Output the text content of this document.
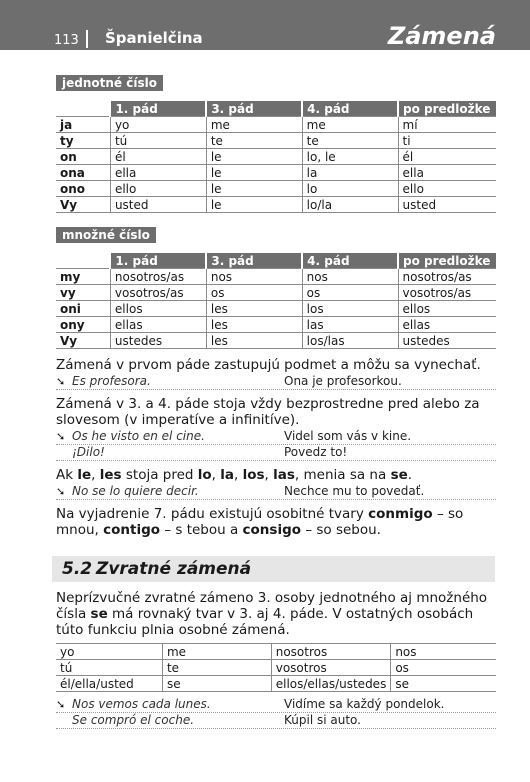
113 Španielčina	Zámená
jednotné číslo
	1. pád	3. pád	4. pád	po predložke
ja	yo	me	me	mí
ty	tú	te	te	ti
on	él	le	lo, le	él
ona	ella	le	la	ella
ono	ello	le	lo	ello
Vy	usted	le	lo/la	usted
množné číslo
	1. pád	3. pád	4. pád	po predložke
my	nosotros/as	nos	nos	nosotros/as
vy	vosotros/as	os	os	vosotros/as
oni	ellos	les	los	ellos
ony	ellas	les	las	ellas
Vy	ustedes	les	los/las	ustedes
Zámená v prvom páde zastupujú podmet a môžu sa vynechať.
➘ Es profesora.	Ona je profesorkou.
Zámená v 3. a 4. páde stoja vždy bezprostredne pred alebo za slovesom (v imperatíve a infinitíve).
➘ Os he visto en el cine.	Videl som vás v kine.
¡Dilo!	Povedz to!
Ak le, les stoja pred lo, la, los, las, menia sa na se.
➘ No se lo quiere decir.	Nechce mu to povedať.
Na vyjadrenie 7. pádu existujú osobitné tvary conmigo – so mnou, contigo – s tebou a consigo – so sebou.
5.2 Zvratné zámená
Neprízvučné zvratné zámeno 3. osoby jednotného aj množného čísla se má rovnaký tvar v 3. aj 4. páde. V ostatných osobách túto funkciu plnia osobné zámená.
yo	me	nosotros	nos
tú	te	vosotros	os
él/ella/usted	se	ellos/ellas/ustedes	se
➘ Nos vemos cada lunes.	Vidíme sa každý pondelok.
Se compró el coche.	Kúpil si auto.
